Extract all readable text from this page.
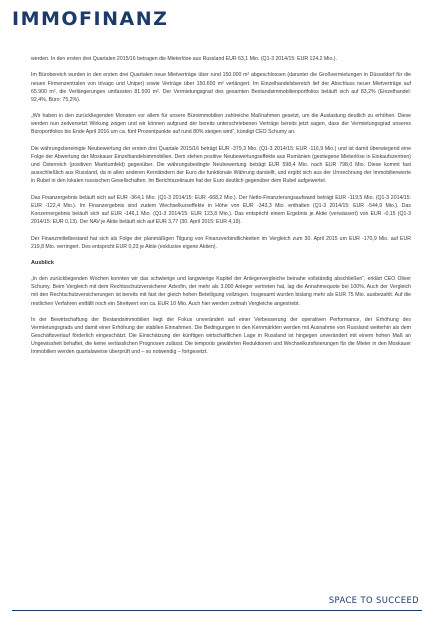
IMMOFINANZ

werden. In den ersten drei Quartalen 2015/16 betragen die Mieterlöse aus Russland EUR 63,1 Mio. (Q1-3 2014/15: EUR 124,2 Mio.).

Im Bürobereich wurden in den ersten drei Quartalen neue Mietverträge über rund 150.000 m² abgeschlossen (darunter die Großvermietungen in Düsseldorf für die neuen Firmenzentralen von trivago und Uniper) sowie Verträge über 150.600 m² verlängert. Im Einzelhandelsbereich lief der Abschluss neuer Mietverträge auf 65.900 m², die Verlängerungen umfassten 81.500 m². Der Vermietungsgrad des gesamten Bestandsimmobilienportfolios beläuft sich auf 83,2% (Einzelhandel: 92,4%, Büro: 75,2%).

„Wir haben in den zurückliegenden Monaten vor allem für unsere Büroimmobilien zahlreiche Maßnahmen gesetzt, um die Auslastung deutlich zu erhöhen. Diese werden nun zeitversetzt Wirkung zeigen und wir können aufgrund der bereits unterschriebenen Verträge bereits jetzt sagen, dass der Vermietungsgrad unseres Büroportfolios bis Ende April 2016 um ca. fünf Prozentpunkte auf rund 80% steigen wird“, kündigt CEO Schumy an.

Die währungsbereinigte Neubewertung der ersten drei Quartale 2015/16 beträgt EUR -379,3 Mio. (Q1-3 2014/15: EUR -116,9 Mio.) und ist damit überwiegend eine Folge der Abwertung der Moskauer Einzelhandelsimmobilien. Dem stehen positive Neubewertungseffekte aus Rumänien (gestiegene Mieterlöse in Einkaufszentren) und Österreich (positiven Marktumfeld) gegenüber. Die währungsbedingte Neubewertung beträgt EUR 598,4 Mio. nach EUR 798,0 Mio. Diese kommt fast ausschließlich aus Russland, da in allen anderen Kernländern der Euro die funktionale Währung darstellt, und ergibt sich aus der Umrechnung der Immobilienwerte in Rubel in den lokalen russischen Gesellschaften. Im Berichtszeitraum hat der Euro deutlich gegenüber dem Rubel aufgewertet.

Das Finanzergebnis beläuft sich auf EUR -364,1 Mio. (Q1-3 2014/15: EUR -668,2 Mio.). Der Netto-Finanzierungsaufwand beträgt EUR -119,5 Mio. (Q1-3 2014/15: EUR -122,4 Mio.). Im Finanzergebnis sind zudem Wechselkurseffekte in Höhe von EUR -343,3 Mio. enthalten (Q1-3 2014/15: EUR -544,9 Mio.). Das Konzernergebnis beläuft sich auf EUR -146,1 Mio. (Q1-3 2014/15: EUR 123,8 Mio.). Das entspricht einem Ergebnis je Aktie (verwässert) von EUR -0,15 (Q1-3 2014/15: EUR 0,13). Der NAV je Aktie beläuft sich auf EUR 3,77 (30. April 2015: EUR 4,19).

Der Finanzmittelbestand hat sich als Folge der planmäßigen Tilgung von Finanzverbindlichkeiten im Vergleich zum 30. April 2015 um EUR -170,9 Mio. auf EUR 219,8 Mio. verringert. Des entspricht EUR 0,23 je Aktie (exklusive eigene Aktien).

Ausblick

„In den zurückliegenden Wochen konnten wir das schwierige und langwierige Kapitel der Anlegervergleiche beinahe vollständig abschließen“, erklärt CEO Oliver Schumy. Beim Vergleich mit dem Rechtsschutzversicherer Advofin, der mehr als 3.000 Anleger vertreten hat, lag die Annahmequote bei 100%. Auch der Vergleich mit den Rechtschutzversicherungen ist bereits mit fast der gleich hohen Beteiligung vollzogen. Insgesamt wurden bislang mehr als EUR 75 Mio. ausbezahlt. Auf die restlichen Verfahren entfällt noch ein Streitwert von ca. EUR 10 Mio. Auch hier werden zeitnah Vergleiche angestrebt.

In der Bewirtschaftung der Bestandsimmobilien liegt der Fokus unverändert auf einer Verbesserung der operativen Performance, der Erhöhung des Vermietungsgrads und damit einer Erhöhung der stabilen Einnahmen. Die Bedingungen in den Kernmärkten werden mit Ausnahme von Russland weiterhin als dem Geschäftsverlauf förderlich eingeschätzt. Die Einschätzung der künftigen wirtschaftlichen Lage in Russland ist hingegen unverändert mit einem hohen Maß an Ungewissheit behaftet, die keine verlässlichen Prognosen zulässt. Die temporär gewährten Reduktionen und Wechselkursfixierungen für die Mieter in den Moskauer Immobilien werden quartalsweise überprüft und – so notwendig – fortgesetzt.

SPACE TO SUCCEED
